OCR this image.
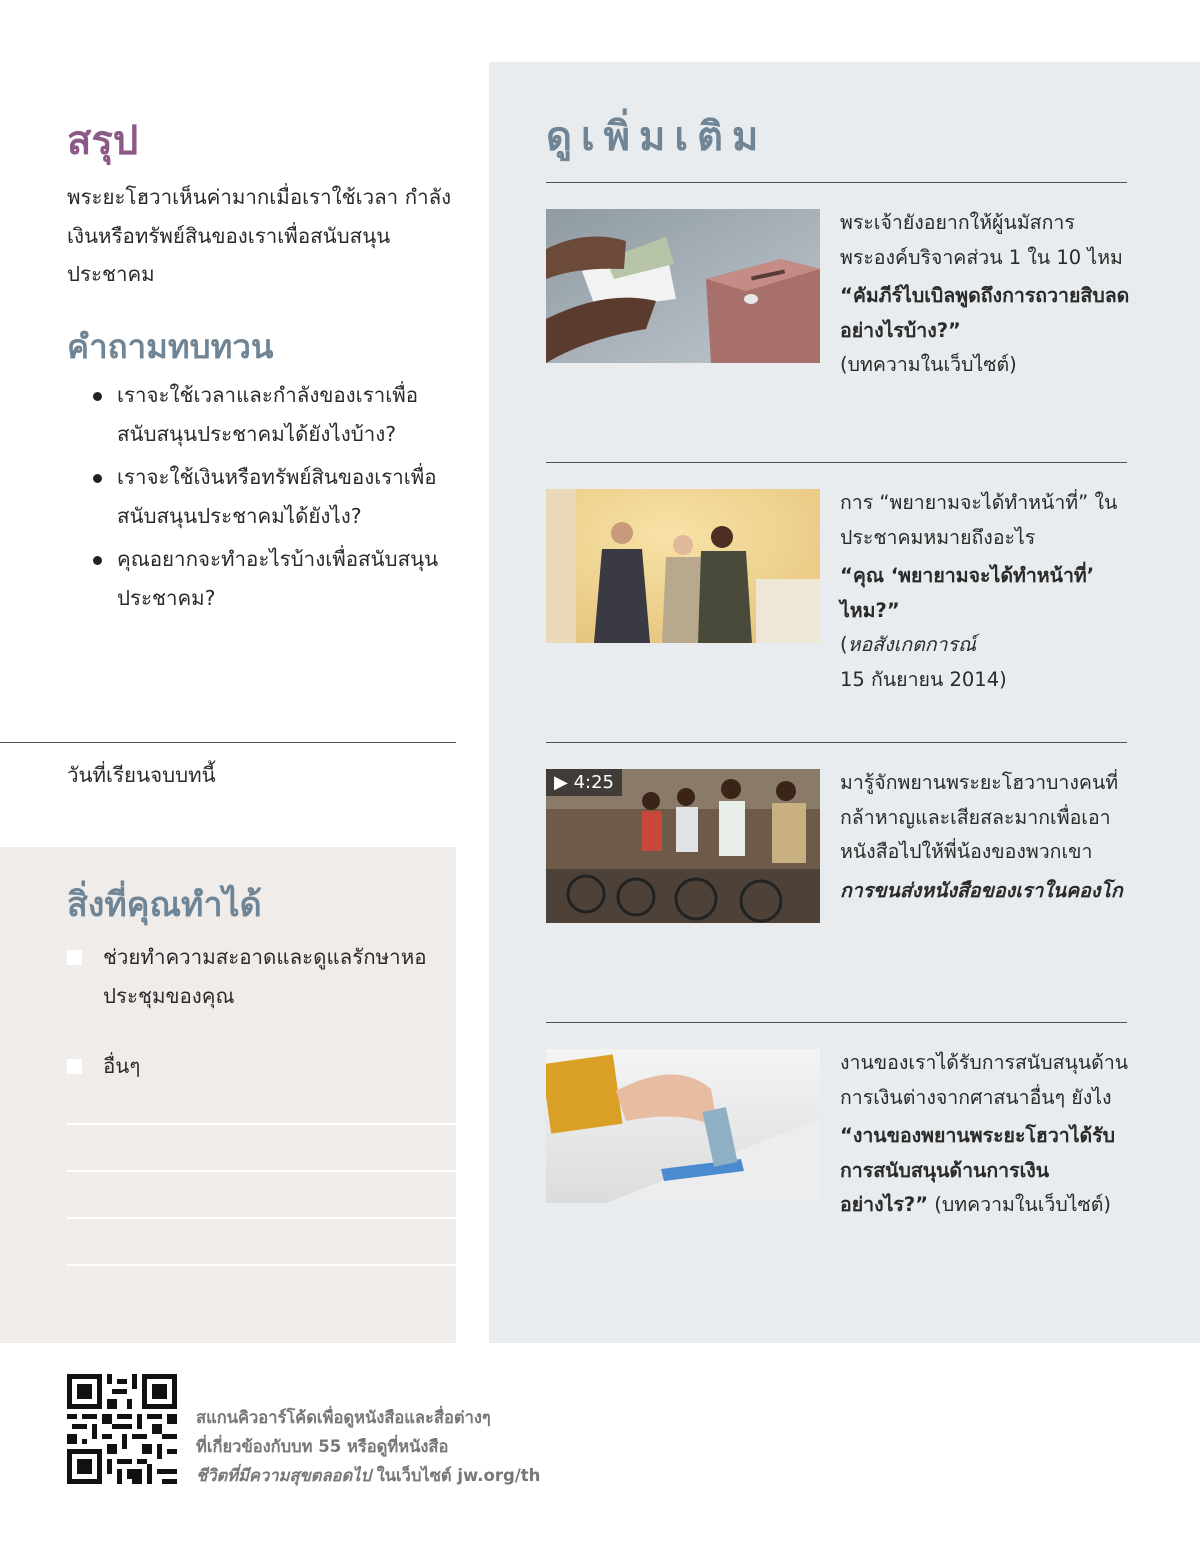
สรุป
พระยะโฮวาเห็นค่ามากเมื่อเราใช้เวลา กำลัง เงินหรือทรัพย์สินของเราเพื่อสนับสนุนประชาคม
คำถามทบทวน
เราจะใช้เวลาและกำลังของเราเพื่อสนับสนุนประชาคมได้ยังไงบ้าง?
เราจะใช้เงินหรือทรัพย์สินของเราเพื่อสนับสนุนประชาคมได้ยังไง?
คุณอยากจะทำอะไรบ้างเพื่อสนับสนุนประชาคม?
วันที่เรียนจบบทนี้
สิ่งที่คุณทำได้
ช่วยทำความสะอาดและดูแลรักษาหอประชุมของคุณ
อื่นๆ
ดูเพิ่มเติม
พระเจ้ายังอยากให้ผู้นมัสการพระองค์บริจาคส่วน 1 ใน 10 ไหม
“คัมภีร์ไบเบิลพูดถึงการถวายสิบลดอย่างไรบ้าง?”
(บทความในเว็บไซต์)
การ “พยายามจะได้ทำหน้าที่” ในประชาคมหมายถึงอะไร
“คุณ ‘พยายามจะได้ทำหน้าที่’ ไหม?”
(หอสังเกตการณ์
15 กันยายน 2014)
▶ 4:25	มารู้จักพยานพระยะโฮวาบางคนที่กล้าหาญและเสียสละมากเพื่อเอาหนังสือไปให้พี่น้องของพวกเขา
การขนส่งหนังสือของเราในคองโก
งานของเราได้รับการสนับสนุนด้านการเงินต่างจากศาสนาอื่นๆ ยังไง
“งานของพยานพระยะโฮวาได้รับการสนับสนุนด้านการเงินอย่างไร?” (บทความในเว็บไซต์)
สแกนคิวอาร์โค้ดเพื่อดูหนังสือและสื่อต่างๆ
ที่เกี่ยวข้องกับบท 55 หรือดูที่หนังสือ
ชีวิตที่มีความสุขตลอดไป ในเว็บไซต์ jw.org/th
